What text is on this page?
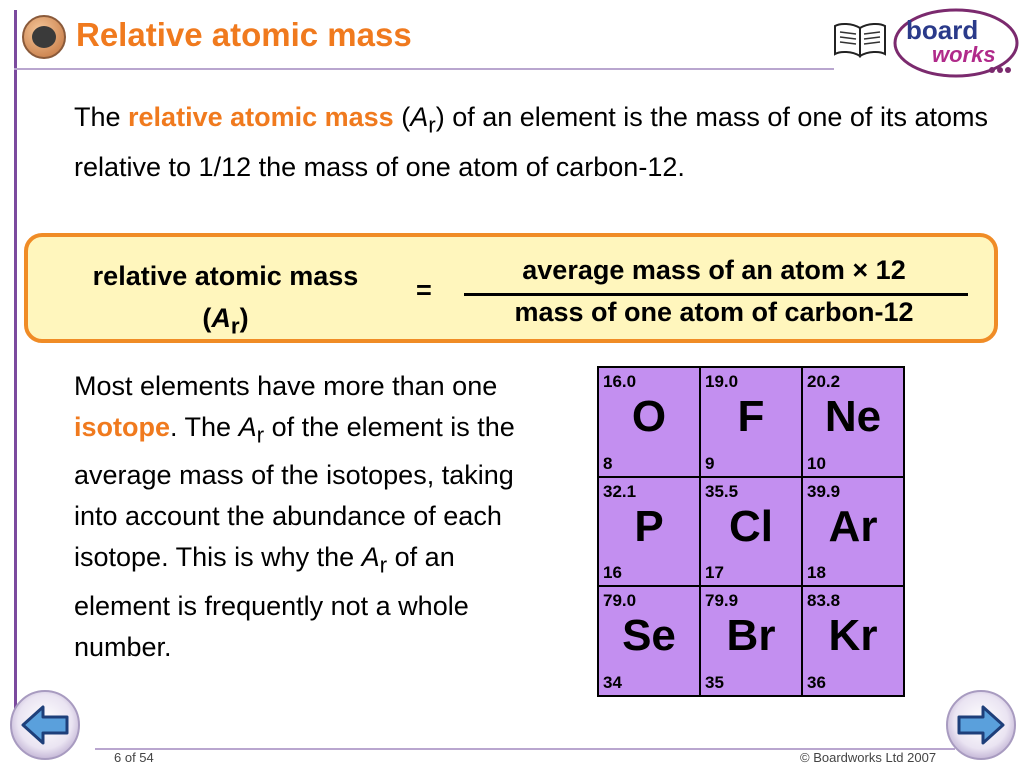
Relative atomic mass	board
works
The relative atomic mass $(A_r)$ of an element is the mass of one of its atoms relative to 1/12 the mass of one atom of carbon-12.
relative atomic mass
$(A_r)$
=
average mass of an atom × 12
mass of one atom of carbon-12
Most elements have more than one isotope. The $A_r$ of the element is the average mass of the isotopes, taking into account the abundance of each isotope. This is why the $A_r$ of an element is frequently not a whole number.
16.0
O
8
19.0
F
9
20.2
Ne
10
32.1
P
16
35.5
Cl
17
39.9
Ar
18
79.0
Se
34
79.9
Br
35
83.8
Kr
36
6 of 54	© Boardworks Ltd 2007
